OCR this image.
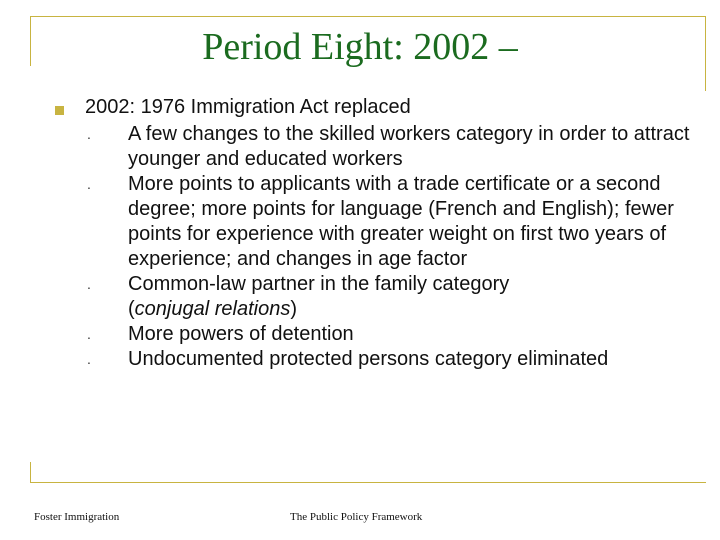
Period Eight: 2002 –
2002: 1976 Immigration Act replaced
.	A few changes to the skilled workers category in order to attract younger and educated workers
.	More points to applicants with a trade certificate or a second degree; more points for language (French and English); fewer points for experience with greater weight on first two years of experience; and changes in age factor
.	Common-law partner in the family category
(conjugal relations)
.	More powers of detention
.	Undocumented protected persons category eliminated
Foster Immigration	The Public Policy Framework
